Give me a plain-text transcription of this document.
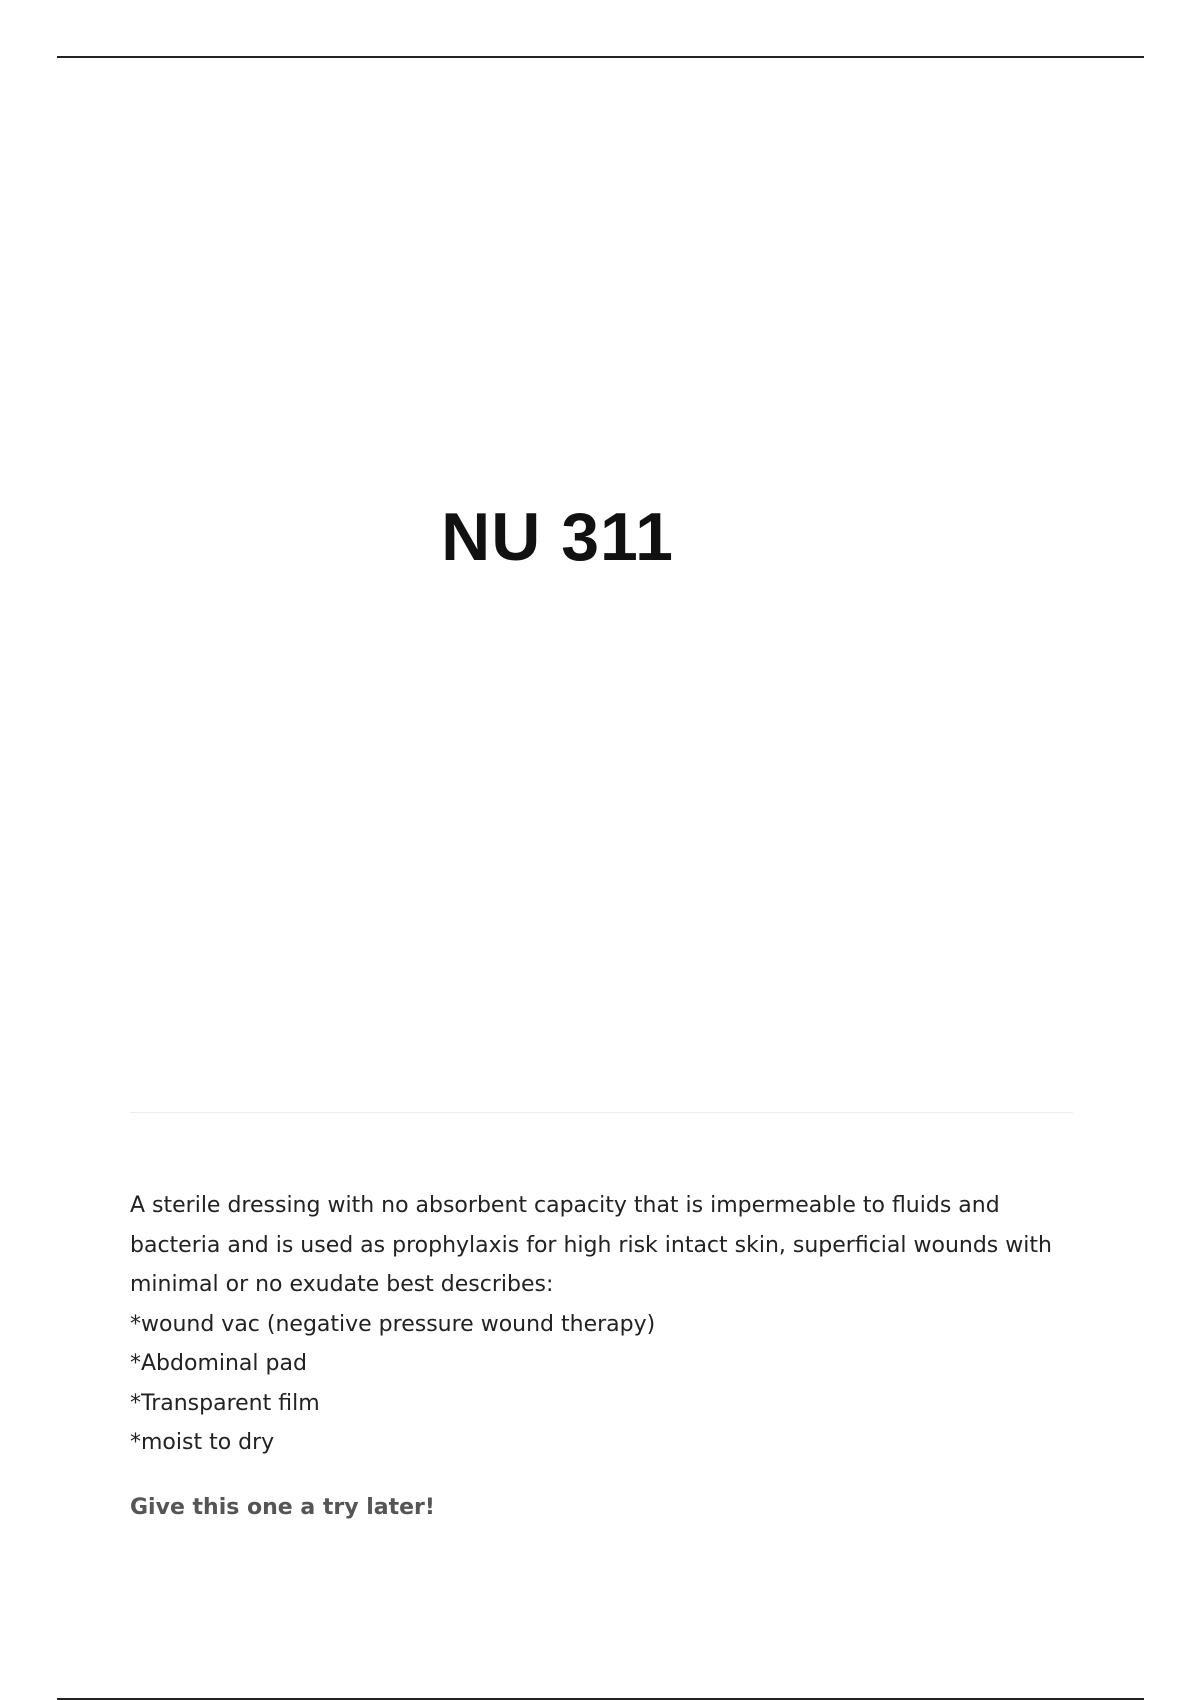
NU 311

A sterile dressing with no absorbent capacity that is impermeable to fluids and bacteria and is used as prophylaxis for high risk intact skin, superficial wounds with minimal or no exudate best describes:

*wound vac (negative pressure wound therapy)
*Abdominal pad
*Transparent film
*moist to dry
Give this one a try later!
